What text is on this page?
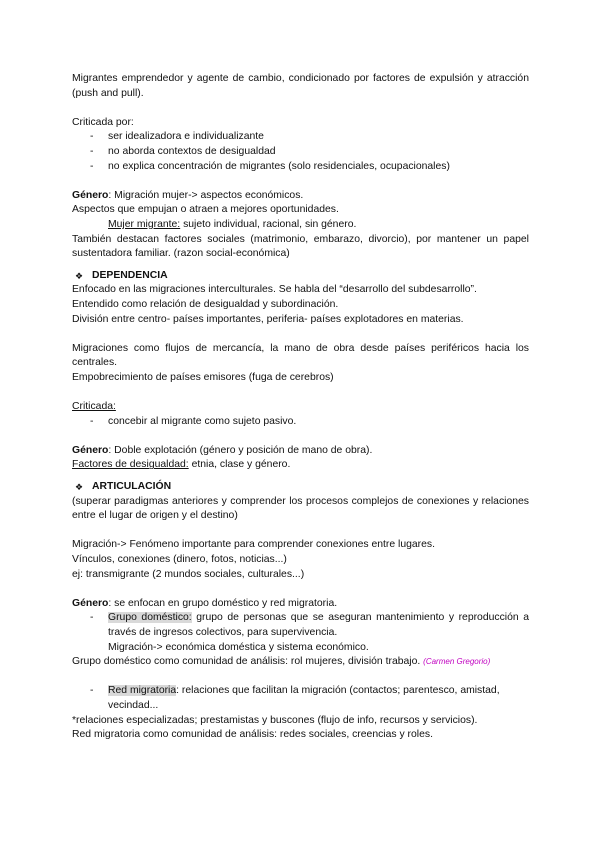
Migrantes emprendedor y agente de cambio, condicionado por factores de expulsión y atracción (push and pull).

Criticada por:

- ser idealizadora e individualizante
- no aborda contextos de desigualdad
- no explica concentración de migrantes (solo residenciales, ocupacionales)

Género: Migración mujer-> aspectos económicos.

Aspectos que empujan o atraen a mejores oportunidades.

Mujer migrante: sujeto individual, racional, sin género.

También destacan factores sociales (matrimonio, embarazo, divorcio), por mantener un papel sustentadora familiar. (razon social-económica)

❖ DEPENDENCIA

Enfocado en las migraciones interculturales. Se habla del “desarrollo del subdesarrollo”.

Entendido como relación de desigualdad y subordinación.

División entre centro- países importantes, periferia- países explotadores en materias.

Migraciones como flujos de mercancía, la mano de obra desde países periféricos hacia los centrales.

Empobrecimiento de países emisores (fuga de cerebros)

Criticada:

- concebir al migrante como sujeto pasivo.

Género: Doble explotación (género y posición de mano de obra).

Factores de desigualdad: etnia, clase y género.

❖ ARTICULACIÓN

(superar paradigmas anteriores y comprender los procesos complejos de conexiones y relaciones entre el lugar de origen y el destino)

Migración-> Fenómeno importante para comprender conexiones entre lugares.

Vínculos, conexiones (dinero, fotos, noticias...)

ej: transmigrante (2 mundos sociales, culturales...)

Género: se enfocan en grupo doméstico y red migratoria.

- Grupo doméstico: grupo de personas que se aseguran mantenimiento y reproducción a través de ingresos colectivos, para supervivencia.
Migración-> económica doméstica y sistema económico.

Grupo doméstico como comunidad de análisis: rol mujeres, división trabajo. (Carmen Gregorio)

- Red migratoria: relaciones que facilitan la migración (contactos; parentesco, amistad, vecindad...

*relaciones especializadas; prestamistas y buscones (flujo de info, recursos y servicios).

Red migratoria como comunidad de análisis: redes sociales, creencias y roles.
